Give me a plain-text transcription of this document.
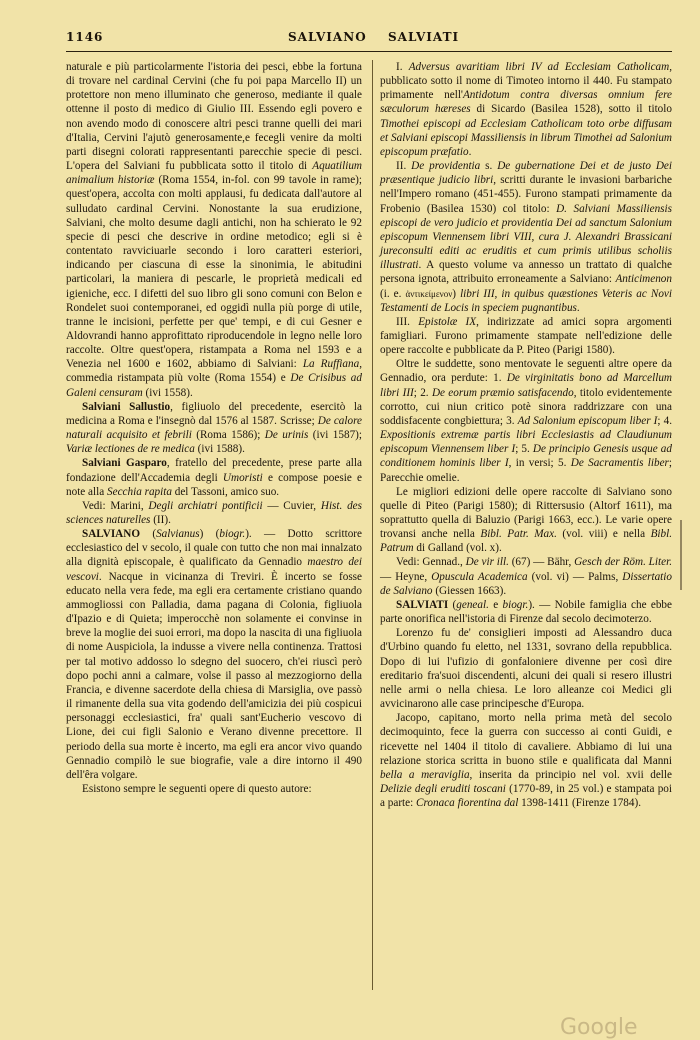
1146	SALVIANO SALVIATI

naturale e più particolarmente l'istoria dei pesci, ebbe la fortuna di trovare nel cardinal Cervini (che fu poi papa Marcello II) un protettore non meno illuminato che generoso, mediante il quale ottenne il posto di medico di Giulio III. Essendo egli povero e non avendo modo di conoscere altri pesci tranne quelli dei mari d'Italia, Cervini l'ajutò generosamente,e fecegli venire da molti parti disegni colorati rappresentanti parecchie specie di pesci. L'opera del Salviani fu pubblicata sotto il titolo di Aquatilium animalium historiæ (Roma 1554, in-fol. con 99 tavole in rame); quest'opera, accolta con molti applausi, fu dedicata dall'autore al sulludato cardinal Cervini. Nonostante la sua erudizione, Salviani, che molto desume dagli antichi, non ha schierato le 92 specie di pesci che descrive in ordine metodico; egli si è contentato ravviciuarle secondo i loro caratteri esteriori, indicando per ciascuna di esse la sinonimia, le abitudini particolari, la maniera di pescarle, le proprietà medicali ed igieniche, ecc. I difetti del suo libro gli sono comuni con Belon e Rondelet suoi contemporanei, ed oggidì nulla più porge di utile, tranne le incisioni, perfette per que' tempi, e di cui Gesner e Aldovrandi hanno approfittato riproducendole in legno nelle loro raccolte. Oltre quest'opera, ristampata a Roma nel 1593 e a Venezia nel 1600 e 1602, abbiamo di Salviani: La Ruffiana, commedia ristampata più volte (Roma 1554) e De Crisibus ad Galeni censuram (ivi 1558).

Salviani Sallustio, figliuolo del precedente, esercitò la medicina a Roma e l'insegnò dal 1576 al 1587. Scrisse; De calore naturali acquisito et febrili (Roma 1586); De urinis (ivi 1587); Variæ lectiones de re medica (ivi 1588).

Salviani Gasparo, fratello del precedente, prese parte alla fondazione dell'Accademia degli Umoristi e compose poesie e note alla Secchia rapita del Tassoni, amico suo.

Vedi: Marini, Degli archiatri pontificii — Cuvier, Hist. des sciences naturelles (II).

SALVIANO (Salvianus) (biogr.). — Dotto scrittore ecclesiastico del v secolo, il quale con tutto che non mai innalzato alla dignità episcopale, è qualificato da Gennadio maestro dei vescovi. Nacque in vicinanza di Treviri. È incerto se fosse educato nella vera fede, ma egli era certamente cristiano quando ammogliossi con Palladia, dama pagana di Colonia, figliuola d'Ipazio e di Quieta; imperocchè non solamente ei convinse in breve la moglie dei suoi errori, ma dopo la nascita di una figliuola di nome Auspiciola, la indusse a vivere nella continenza. Trattosi per tal motivo addosso lo sdegno del suocero, ch'ei riuscì però dopo pochi anni a calmare, volse il passo al mezzogiorno della Francia, e divenne sacerdote della chiesa di Marsiglia, ove passò il rimanente della sua vita godendo dell'amicizia dei più cospicui personaggi ecclesiastici, fra' quali sant'Eucherio vescovo di Lione, dei cui figli Salonio e Verano divenne precettore. Il periodo della sua morte è incerto, ma egli era ancor vivo quando Gennadio compilò le sue biografie, vale a dire intorno il 490 dell'êra volgare.

Esistono sempre le seguenti opere di questo autore:

I. Adversus avaritiam libri IV ad Ecclesiam Catholicam, pubblicato sotto il nome di Timoteo intorno il 440. Fu stampato primamente nell'Antidotum contra diversas omnium fere sæculorum hæreses di Sicardo (Basilea 1528), sotto il titolo Timothei episcopi ad Ecclesiam Catholicam toto orbe diffusam et Salviani episcopi Massiliensis in librum Timothei ad Salonium episcopum præfatio.

II. De providentia s. De gubernatione Dei et de justo Dei præsentique judicio libri, scritti durante le invasioni barbariche nell'Impero romano (451-455). Furono stampati primamente da Frobenio (Basilea 1530) col titolo: D. Salviani Massiliensis episcopi de vero judicio et providentia Dei ad sanctum Salonium episcopum Viennensem libri VIII, cura J. Alexandri Brassicani jureconsulti editi ac eruditis et cum primis utilibus scholiis illustrati. A questo volume va annesso un trattato di qualche persona ignota, attribuito erroneamente a Salviano: Anticimenon (i. e. ἀντικείμενον) libri III, in quibus quæstiones Veteris ac Novi Testamenti de Locis in speciem pugnantibus.

III. Epistolæ IX, indirizzate ad amici sopra argomenti famigliari. Furono primamente stampate nell'edizione delle opere raccolte e pubblicate da P. Piteo (Parigi 1580).

Oltre le suddette, sono mentovate le seguenti altre opere da Gennadio, ora perdute: 1. De virginitatis bono ad Marcellum libri III; 2. De eorum præmio satisfacendo, titolo evidentemente corrotto, cui niun critico potè sinora raddrizzare con una soddisfacente congbiettura; 3. Ad Salonium episcopum liber I; 4. Expositionis extremæ partis libri Ecclesiastis ad Claudiunum episcopum Viennensem liber I; 5. De principio Genesis usque ad conditionem hominis liber I, in versi; 5. De Sacramentis liber; Parecchie omelie.

Le migliori edizioni delle opere raccolte di Salviano sono quelle di Piteo (Parigi 1580); di Rittersusio (Altorf 1611), ma soprattutto quella di Baluzio (Parigi 1663, ecc.). Le varie opere trovansi anche nella Bibl. Patr. Max. (vol. viii) e nella Bibl. Patrum di Galland (vol. x).

Vedi: Gennad., De vir ill. (67) — Bähr, Gesch der Röm. Liter. — Heyne, Opuscula Academica (vol. vi) — Palms, Dissertatio de Salviano (Giessen 1663).

SALVIATI (geneal. e biogr.). — Nobile famiglia che ebbe parte onorifica nell'istoria di Firenze dal secolo decimoterzo.

Lorenzo fu de' consiglieri imposti ad Alessandro duca d'Urbino quando fu eletto, nel 1331, sovrano della repubblica. Dopo di lui l'ufizio di gonfaloniere divenne per così dire ereditario fra'suoi discendenti, alcuni dei quali si resero illustri nelle armi o nella chiesa. Le loro alleanze coi Medici gli avvicinarono alle case principesche d'Europa.

Jacopo, capitano, morto nella prima metà del secolo decimoquinto, fece la guerra con successo ai conti Guidi, e ricevette nel 1404 il titolo di cavaliere. Abbiamo di lui una relazione storica scritta in buono stile e qualificata dal Manni bella a meraviglia, inserita da principio nel vol. xvii delle Delizie degli eruditi toscani (1770-89, in 25 vol.) e stampata poi a parte: Cronaca fiorentina dal 1398-1411 (Firenze 1784).

Google
